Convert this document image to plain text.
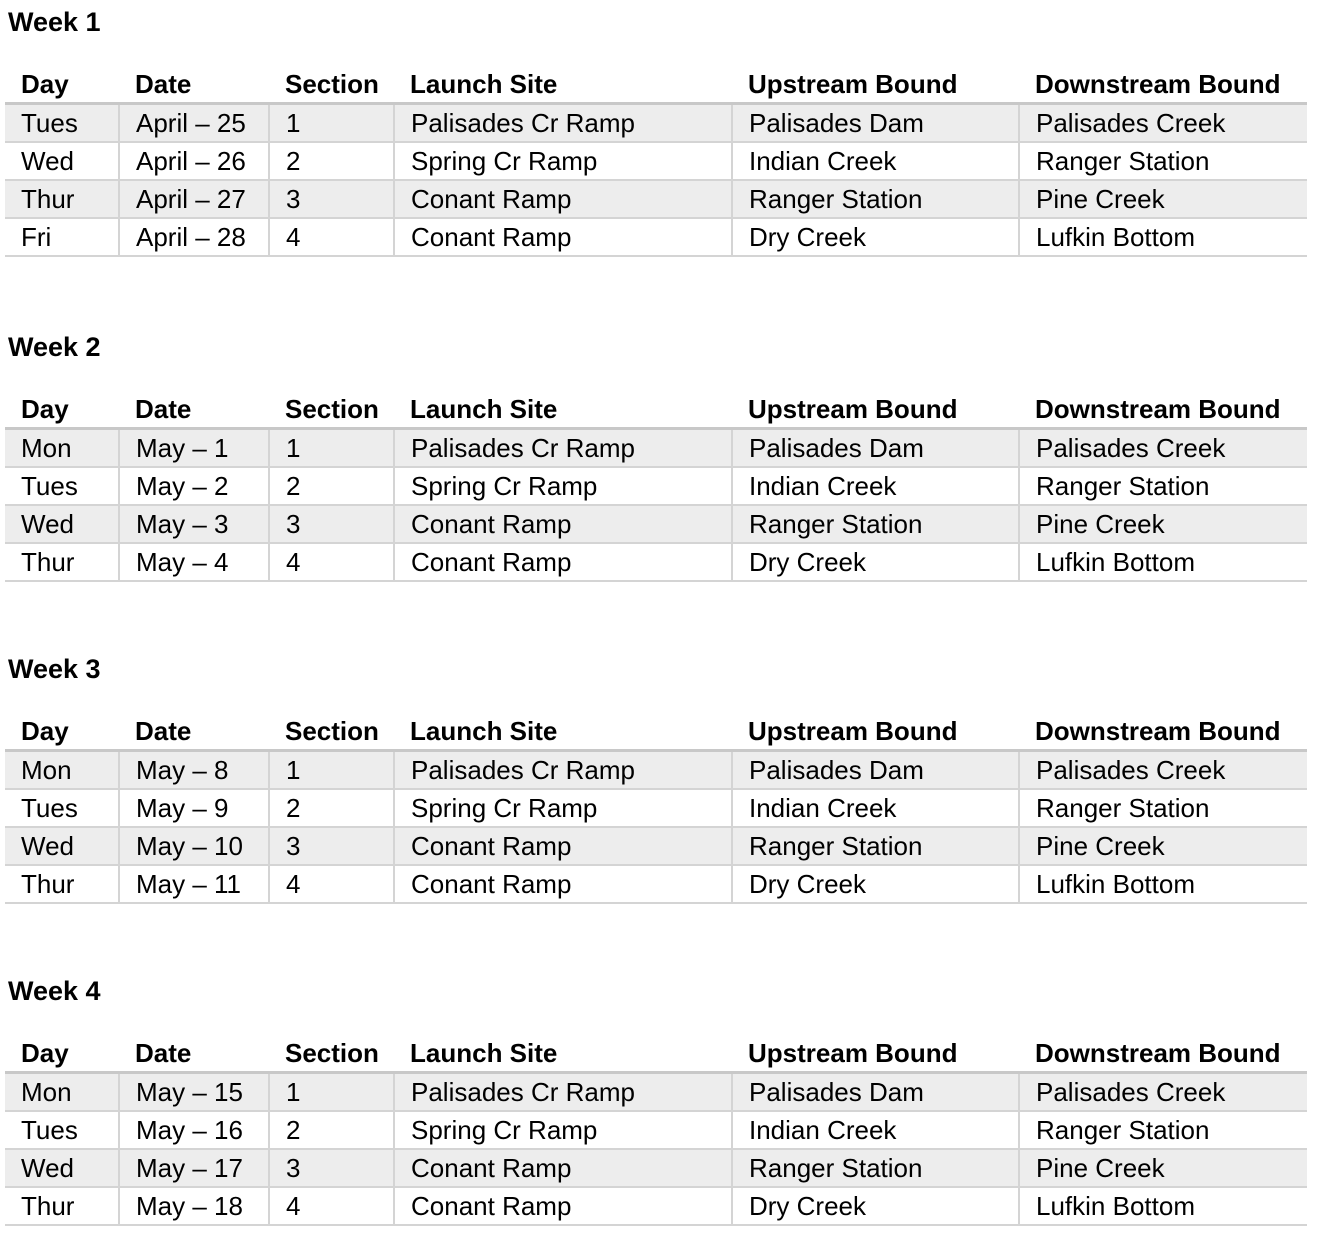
Week 1
Day	Date	Section	Launch Site	Upstream Bound	Downstream Bound
Tues	April – 25	1	Palisades Cr Ramp	Palisades Dam	Palisades Creek
Wed	April – 26	2	Spring Cr Ramp	Indian Creek	Ranger Station
Thur	April – 27	3	Conant Ramp	Ranger Station	Pine Creek
Fri	April – 28	4	Conant Ramp	Dry Creek	Lufkin Bottom
Week 2
Day	Date	Section	Launch Site	Upstream Bound	Downstream Bound
Mon	May – 1	1	Palisades Cr Ramp	Palisades Dam	Palisades Creek
Tues	May – 2	2	Spring Cr Ramp	Indian Creek	Ranger Station
Wed	May – 3	3	Conant Ramp	Ranger Station	Pine Creek
Thur	May – 4	4	Conant Ramp	Dry Creek	Lufkin Bottom
Week 3
Day	Date	Section	Launch Site	Upstream Bound	Downstream Bound
Mon	May – 8	1	Palisades Cr Ramp	Palisades Dam	Palisades Creek
Tues	May – 9	2	Spring Cr Ramp	Indian Creek	Ranger Station
Wed	May – 10	3	Conant Ramp	Ranger Station	Pine Creek
Thur	May – 11	4	Conant Ramp	Dry Creek	Lufkin Bottom
Week 4
Day	Date	Section	Launch Site	Upstream Bound	Downstream Bound
Mon	May – 15	1	Palisades Cr Ramp	Palisades Dam	Palisades Creek
Tues	May – 16	2	Spring Cr Ramp	Indian Creek	Ranger Station
Wed	May – 17	3	Conant Ramp	Ranger Station	Pine Creek
Thur	May – 18	4	Conant Ramp	Dry Creek	Lufkin Bottom
